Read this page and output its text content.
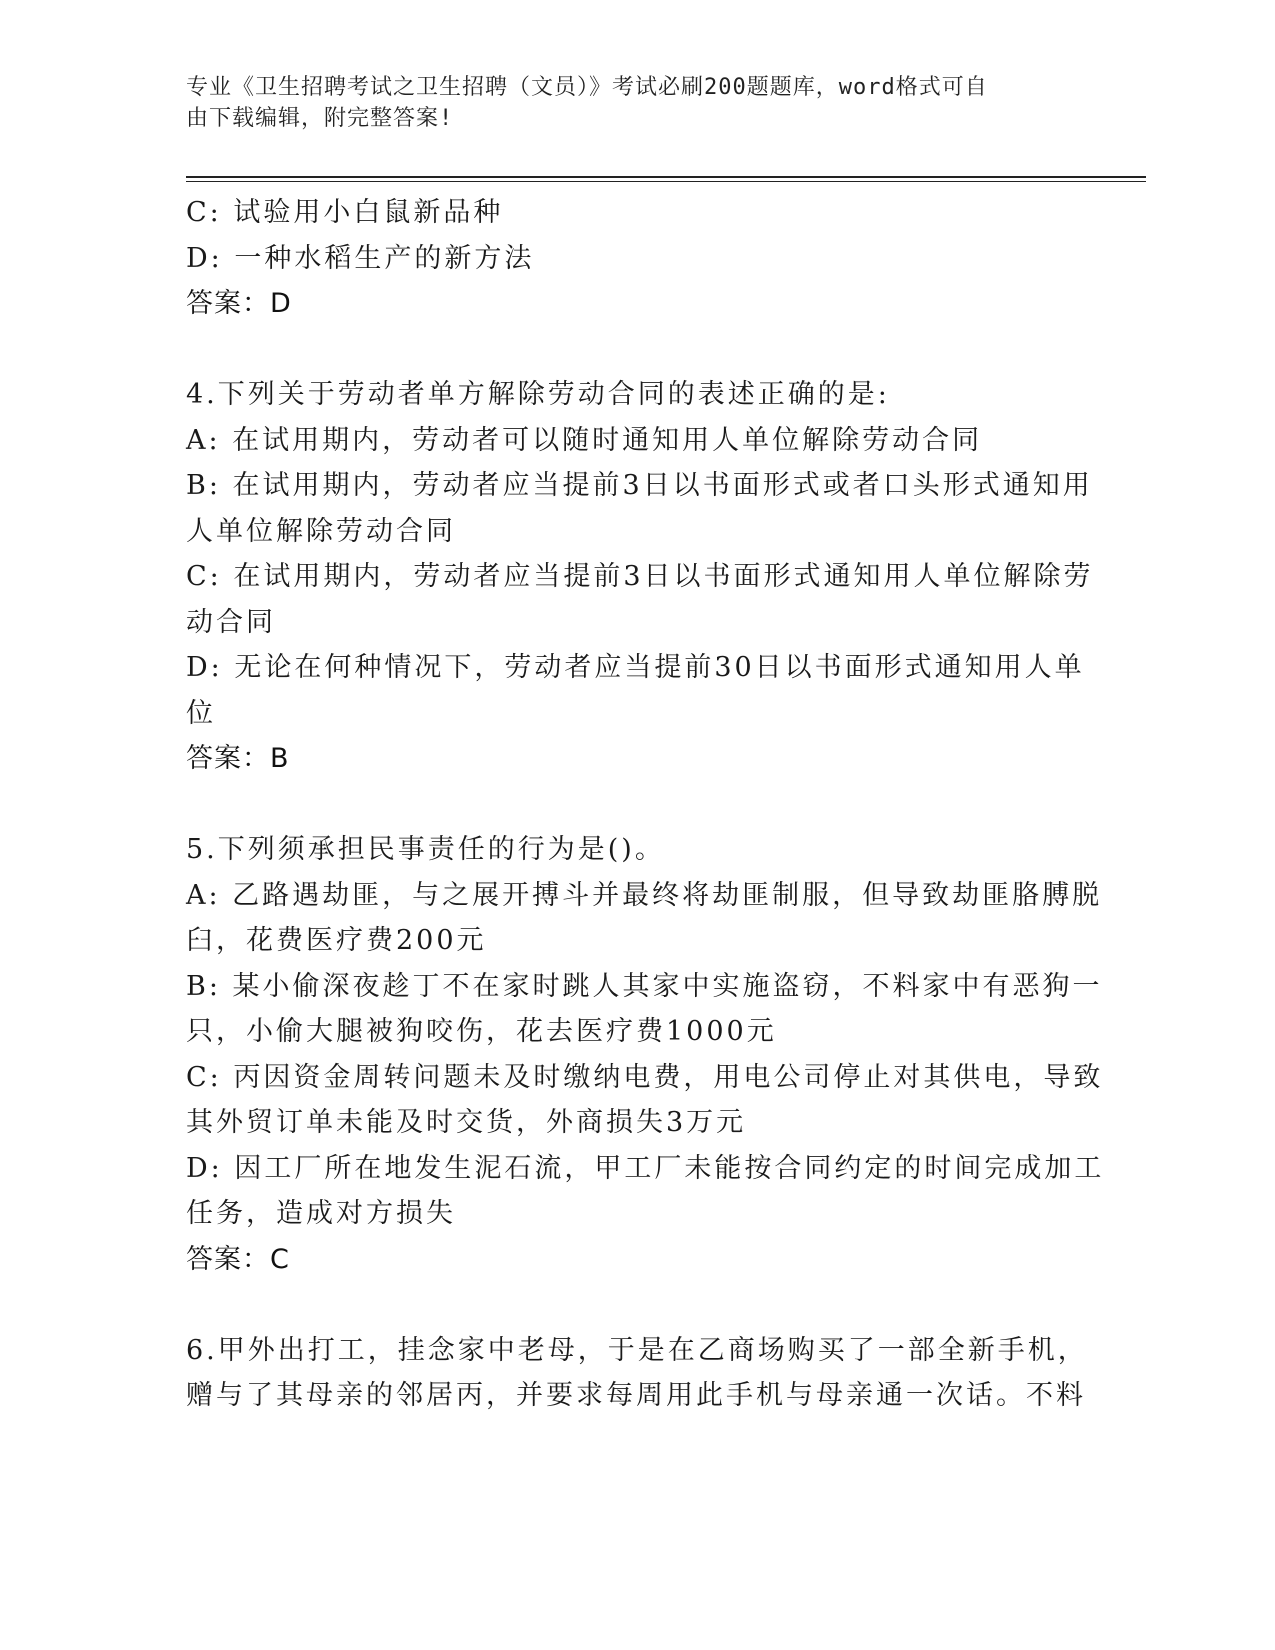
专业《卫生招聘考试之卫生招聘（文员）》考试必刷200题题库，word格式可自
由下载编辑，附完整答案!
C: 试验用小白鼠新品种
D: 一种水稻生产的新方法
答案：D
4.下列关于劳动者单方解除劳动合同的表述正确的是:
A: 在试用期内，劳动者可以随时通知用人单位解除劳动合同
B: 在试用期内，劳动者应当提前3日以书面形式或者口头形式通知用
人单位解除劳动合同
C: 在试用期内，劳动者应当提前3日以书面形式通知用人单位解除劳
动合同
D: 无论在何种情况下，劳动者应当提前30日以书面形式通知用人单
位
答案：B
5.下列须承担民事责任的行为是()。
A: 乙路遇劫匪，与之展开搏斗并最终将劫匪制服，但导致劫匪胳膊脱
臼，花费医疗费200元
B: 某小偷深夜趁丁不在家时跳人其家中实施盗窃，不料家中有恶狗一
只，小偷大腿被狗咬伤，花去医疗费1000元
C: 丙因资金周转问题未及时缴纳电费，用电公司停止对其供电，导致
其外贸订单未能及时交货，外商损失3万元
D: 因工厂所在地发生泥石流，甲工厂未能按合同约定的时间完成加工
任务，造成对方损失
答案：C
6.甲外出打工，挂念家中老母，于是在乙商场购买了一部全新手机，
赠与了其母亲的邻居丙，并要求每周用此手机与母亲通一次话。不料
